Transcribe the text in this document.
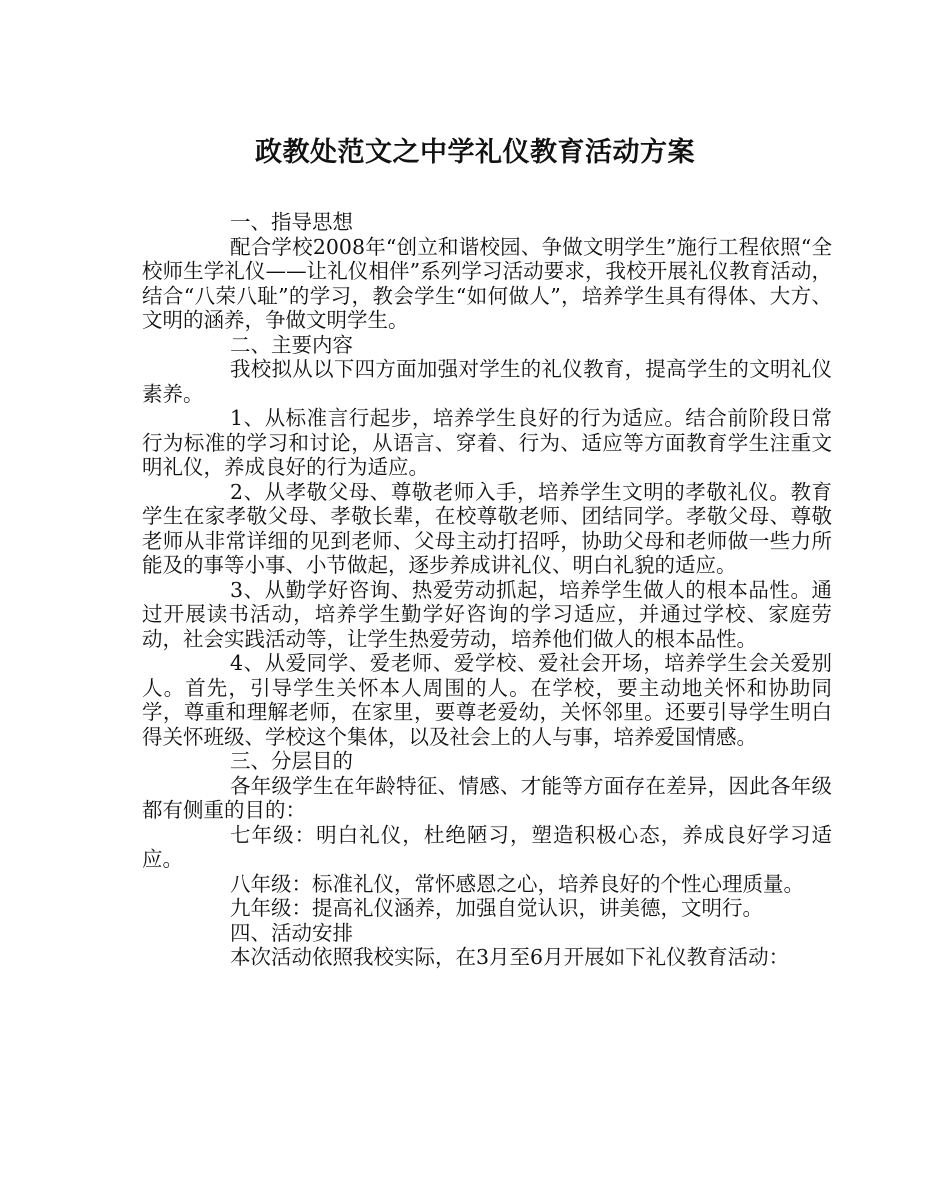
政教处范文之中学礼仪教育活动方案

一、指导思想

配合学校2008年“创立和谐校园、争做文明学生”施行工程依照“全校师生学礼仪——让礼仪相伴”系列学习活动要求，我校开展礼仪教育活动，结合“八荣八耻”的学习，教会学生“如何做人”，培养学生具有得体、大方、文明的涵养，争做文明学生。

二、主要内容

我校拟从以下四方面加强对学生的礼仪教育，提高学生的文明礼仪素养。

1、从标准言行起步，培养学生良好的行为适应。结合前阶段日常行为标准的学习和讨论，从语言、穿着、行为、适应等方面教育学生注重文明礼仪，养成良好的行为适应。

2、从孝敬父母、尊敬老师入手，培养学生文明的孝敬礼仪。教育学生在家孝敬父母、孝敬长辈，在校尊敬老师、团结同学。孝敬父母、尊敬老师从非常详细的见到老师、父母主动打招呼，协助父母和老师做一些力所能及的事等小事、小节做起，逐步养成讲礼仪、明白礼貌的适应。

3、从勤学好咨询、热爱劳动抓起，培养学生做人的根本品性。通过开展读书活动，培养学生勤学好咨询的学习适应，并通过学校、家庭劳动，社会实践活动等，让学生热爱劳动，培养他们做人的根本品性。

4、从爱同学、爱老师、爱学校、爱社会开场，培养学生会关爱别人。首先，引导学生关怀本人周围的人。在学校，要主动地关怀和协助同学，尊重和理解老师，在家里，要尊老爱幼，关怀邻里。还要引导学生明白得关怀班级、学校这个集体，以及社会上的人与事，培养爱国情感。

三、分层目的

各年级学生在年龄特征、情感、才能等方面存在差异，因此各年级都有侧重的目的：

七年级：明白礼仪，杜绝陋习，塑造积极心态，养成良好学习适应。

八年级：标准礼仪，常怀感恩之心，培养良好的个性心理质量。

九年级：提高礼仪涵养，加强自觉认识，讲美德，文明行。

四、活动安排

本次活动依照我校实际，在3月至6月开展如下礼仪教育活动：
